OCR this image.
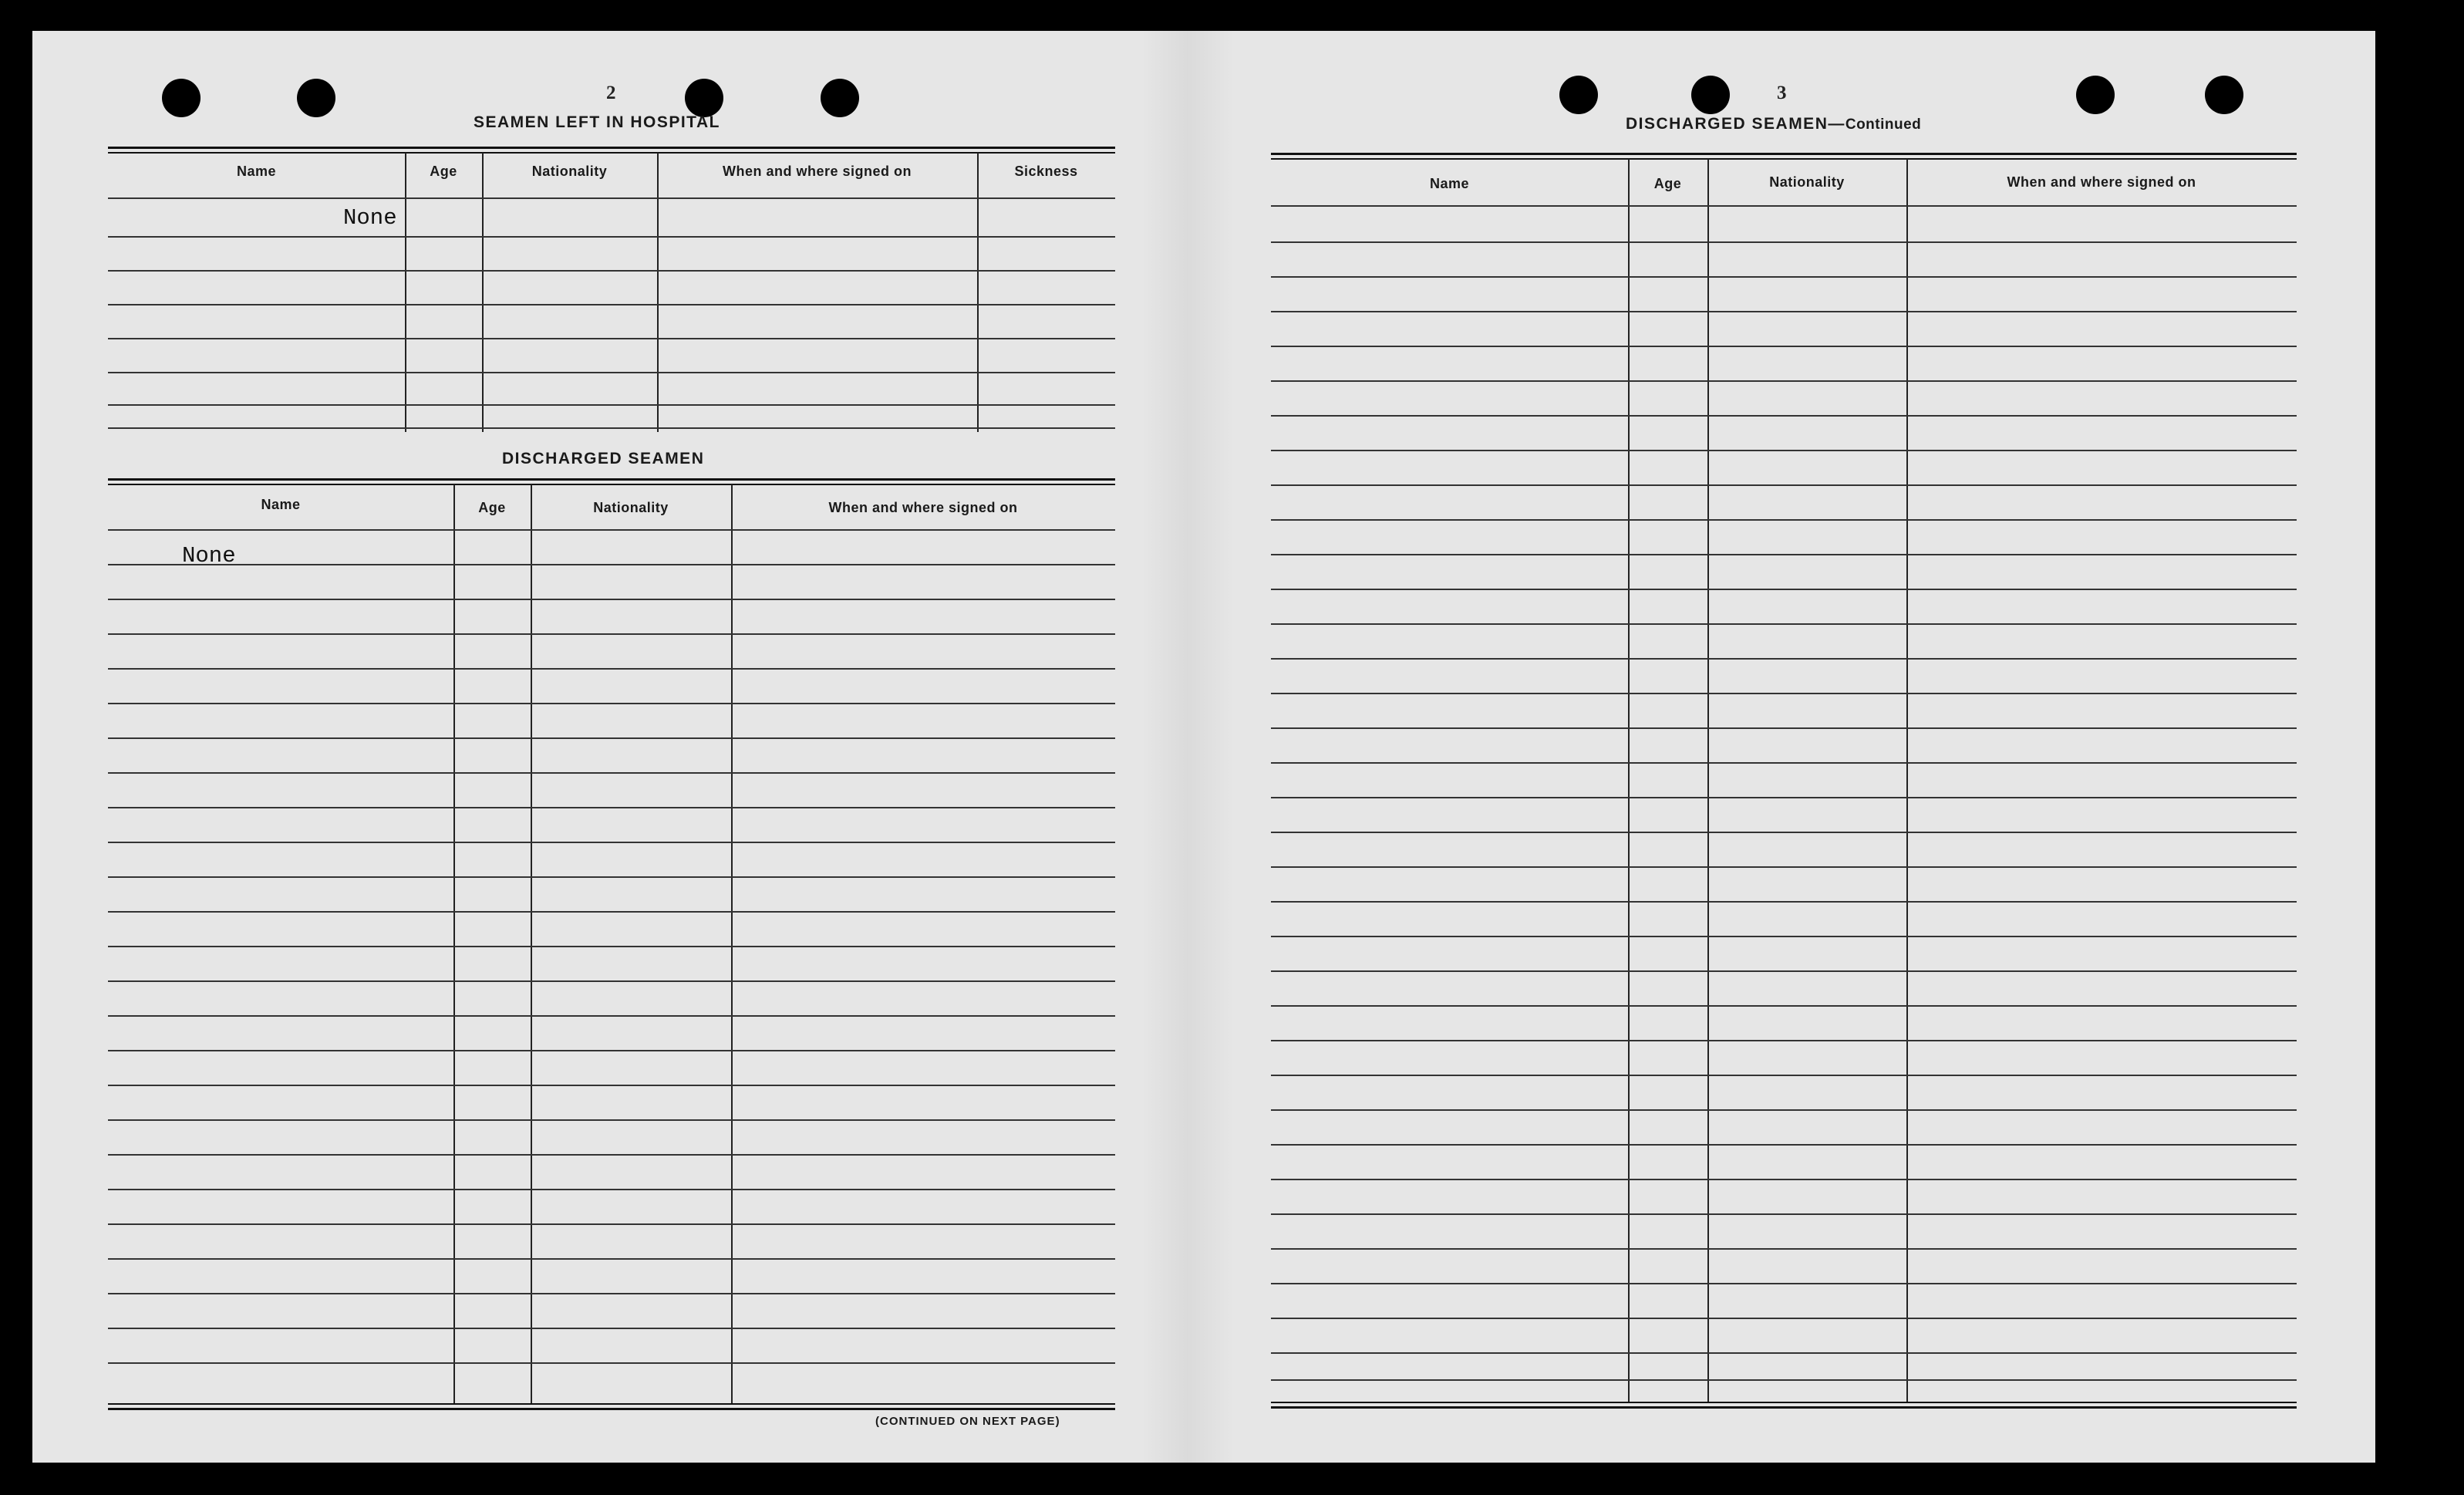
2
SEAMEN LEFT IN HOSPITAL
Name	Age	Nationality	When and where signed on	Sickness
None
DISCHARGED SEAMEN
Name	Age	Nationality	When and where signed on
None
(CONTINUED ON NEXT PAGE)
3
DISCHARGED SEAMEN—Continued
Name	Age	Nationality	When and where signed on
